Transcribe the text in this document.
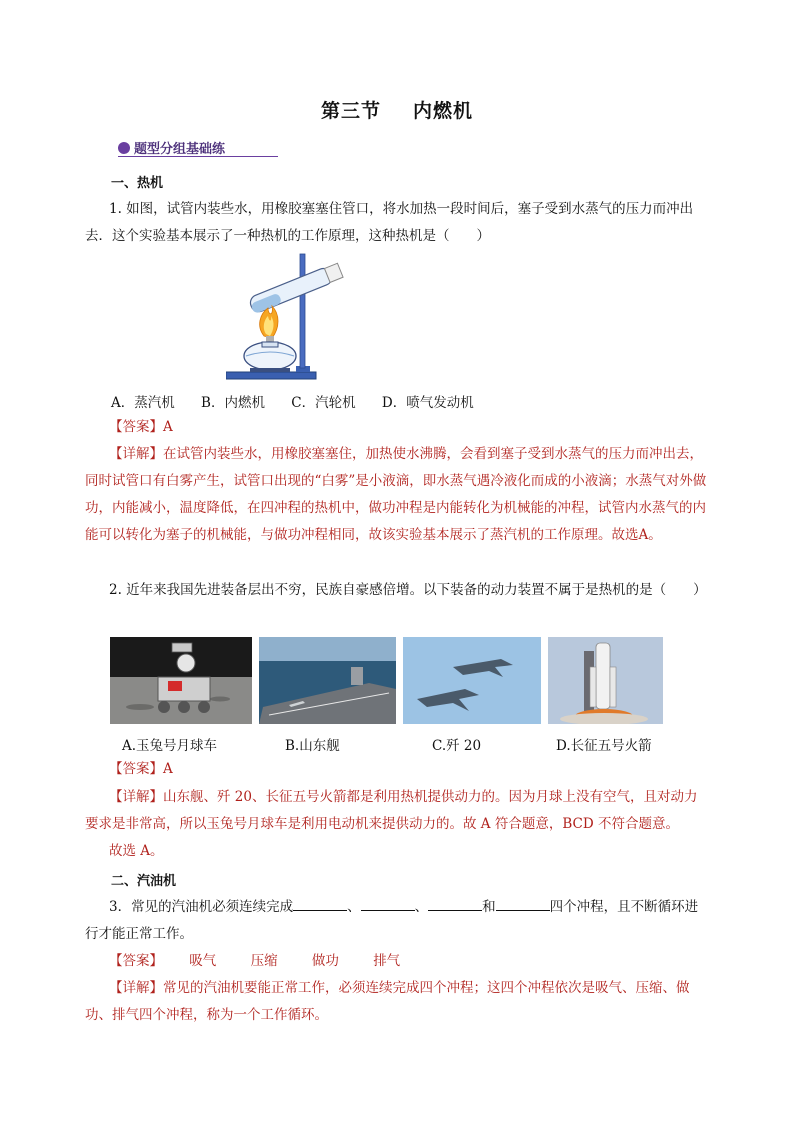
第三节 内燃机
题型分组基础练
一、热机
1. 如图，试管内装些水，用橡胶塞塞住管口，将水加热一段时间后，塞子受到水蒸气的压力而冲出去．这个实验基本展示了一种热机的工作原理，这种热机是（　　）
A．蒸汽机 B．内燃机 C．汽轮机 D．喷气发动机
【答案】A
【详解】在试管内装些水，用橡胶塞塞住，加热使水沸腾，会看到塞子受到水蒸气的压力而冲出去，同时试管口有白雾产生，试管口出现的“白雾”是小液滴，即水蒸气遇冷液化而成的小液滴；水蒸气对外做功，内能减小，温度降低，在四冲程的热机中，做功冲程是内能转化为机械能的冲程，试管内水蒸气的内能可以转化为塞子的机械能，与做功冲程相同，故该实验基本展示了蒸汽机的工作原理。故选A。
2. 近年来我国先进装备层出不穷，民族自豪感倍增。以下装备的动力装置不属于是热机的是（　　）
A.玉兔号月球车	B.山东舰	C.歼 20	D.长征五号火箭
【答案】A
【详解】山东舰、歼 20、长征五号火箭都是利用热机提供动力的。因为月球上没有空气，且对动力要求是非常高，所以玉兔号月球车是利用电动机来提供动力的。故 A 符合题意，BCD 不符合题意。
故选 A。
二、汽油机
3．常见的汽油机必须连续完成	、	、	和	四个冲程，且不断循环进行才能正常工作。
【答案】 吸气	压缩	做功	排气
【详解】常见的汽油机要能正常工作，必须连续完成四个冲程；这四个冲程依次是吸气、压缩、做功、排气四个冲程，称为一个工作循环。
